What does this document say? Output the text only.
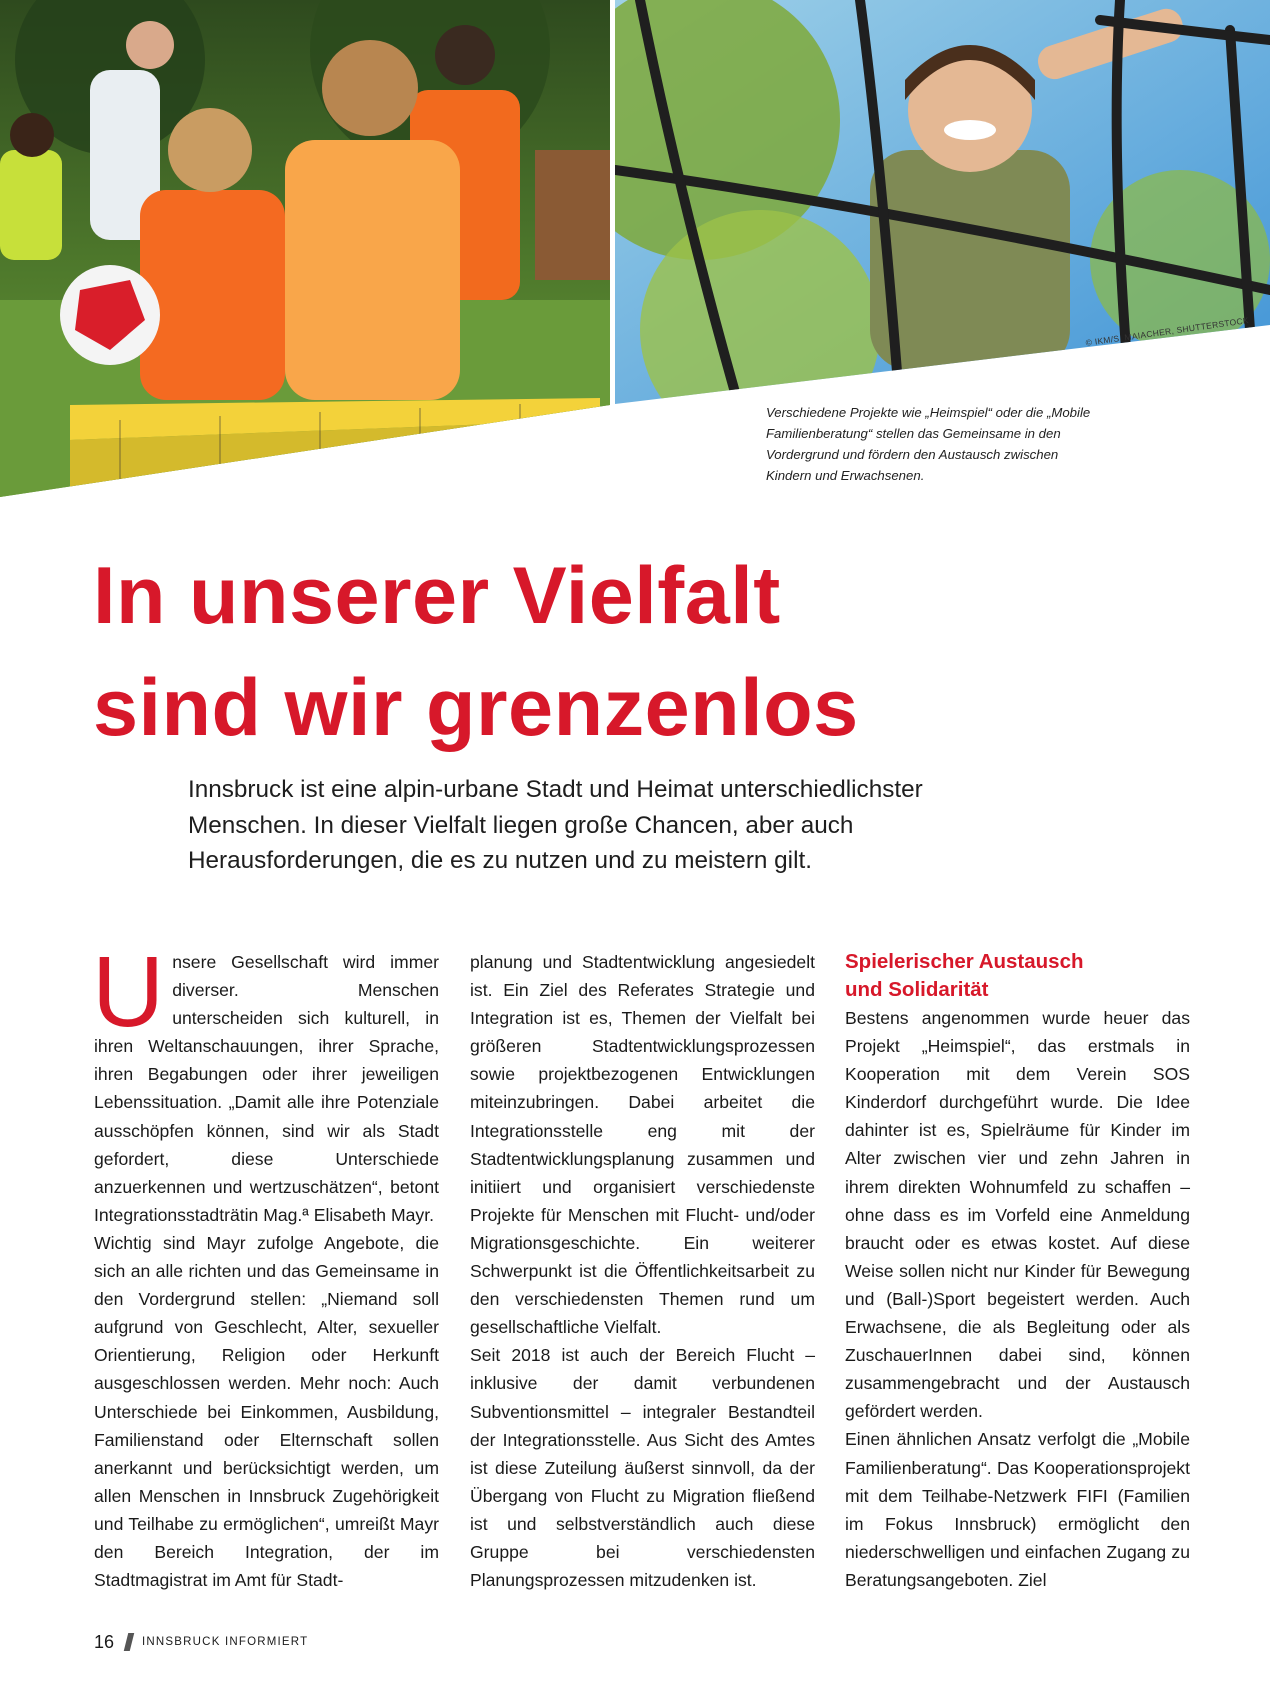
© IKM/S. MAIACHER, SHUTTERSTOCK
Verschiedene Projekte wie „Heimspiel“ oder die „Mobile Familienberatung“ stellen das Gemeinsame in den Vordergrund und fördern den Austausch zwischen Kindern und Erwachsenen.
In unserer Vielfalt
sind wir grenzenlos

Innsbruck ist eine alpin-urbane Stadt und Heimat unterschiedlichster Menschen. In dieser Vielfalt liegen große Chancen, aber auch Herausforderungen, die es zu nutzen und zu meistern gilt.

Unsere Gesellschaft wird immer diverser. Menschen unterscheiden sich kulturell, in ihren Weltanschauungen, ihrer Sprache, ihren Begabungen oder ihrer jeweiligen Lebenssituation. „Damit alle ihre Potenziale ausschöpfen können, sind wir als Stadt gefordert, diese Unterschiede anzuerkennen und wertzuschätzen“, betont Integrationsstadträtin Mag.ª Elisabeth Mayr.

Wichtig sind Mayr zufolge Angebote, die sich an alle richten und das Gemeinsame in den Vordergrund stellen: „Niemand soll aufgrund von Geschlecht, Alter, sexueller Orientierung, Religion oder Herkunft ausgeschlossen werden. Mehr noch: Auch Unterschiede bei Einkommen, Ausbildung, Familienstand oder Elternschaft sollen anerkannt und berücksichtigt werden, um allen Menschen in Innsbruck Zugehörigkeit und Teilhabe zu ermöglichen“, umreißt Mayr den Bereich Integration, der im Stadtmagistrat im Amt für Stadt-

planung und Stadtentwicklung angesiedelt ist. Ein Ziel des Referates Strategie und Integration ist es, Themen der Vielfalt bei größeren Stadtentwicklungsprozessen sowie projektbezogenen Entwicklungen miteinzubringen. Dabei arbeitet die Integrationsstelle eng mit der Stadtentwicklungsplanung zusammen und initiiert und organisiert verschiedenste Projekte für Menschen mit Flucht- und/oder Migrationsgeschichte. Ein weiterer Schwerpunkt ist die Öffentlichkeitsarbeit zu den verschiedensten Themen rund um gesellschaftliche Vielfalt.

Seit 2018 ist auch der Bereich Flucht – inklusive der damit verbundenen Subventionsmittel – integraler Bestandteil der Integrationsstelle. Aus Sicht des Amtes ist diese Zuteilung äußerst sinnvoll, da der Übergang von Flucht zu Migration fließend ist und selbstverständlich auch diese Gruppe bei verschiedensten Planungsprozessen mitzudenken ist.

Spielerischer Austausch
und Solidarität

Bestens angenommen wurde heuer das Projekt „Heimspiel“, das erstmals in Kooperation mit dem Verein SOS Kinderdorf durchgeführt wurde. Die Idee dahinter ist es, Spielräume für Kinder im Alter zwischen vier und zehn Jahren in ihrem direkten Wohnumfeld zu schaffen – ohne dass es im Vorfeld eine Anmeldung braucht oder es etwas kostet. Auf diese Weise sollen nicht nur Kinder für Bewegung und (Ball-)Sport begeistert werden. Auch Erwachsene, die als Begleitung oder als ZuschauerInnen dabei sind, können zusammengebracht und der Austausch gefördert werden.

Einen ähnlichen Ansatz verfolgt die „Mobile Familienberatung“. Das Kooperationsprojekt mit dem Teilhabe-Netzwerk FIFI (Familien im Fokus Innsbruck) ermöglicht den niederschwelligen und einfachen Zugang zu Beratungsangeboten. Ziel

16 INNSBRUCK INFORMIERT
